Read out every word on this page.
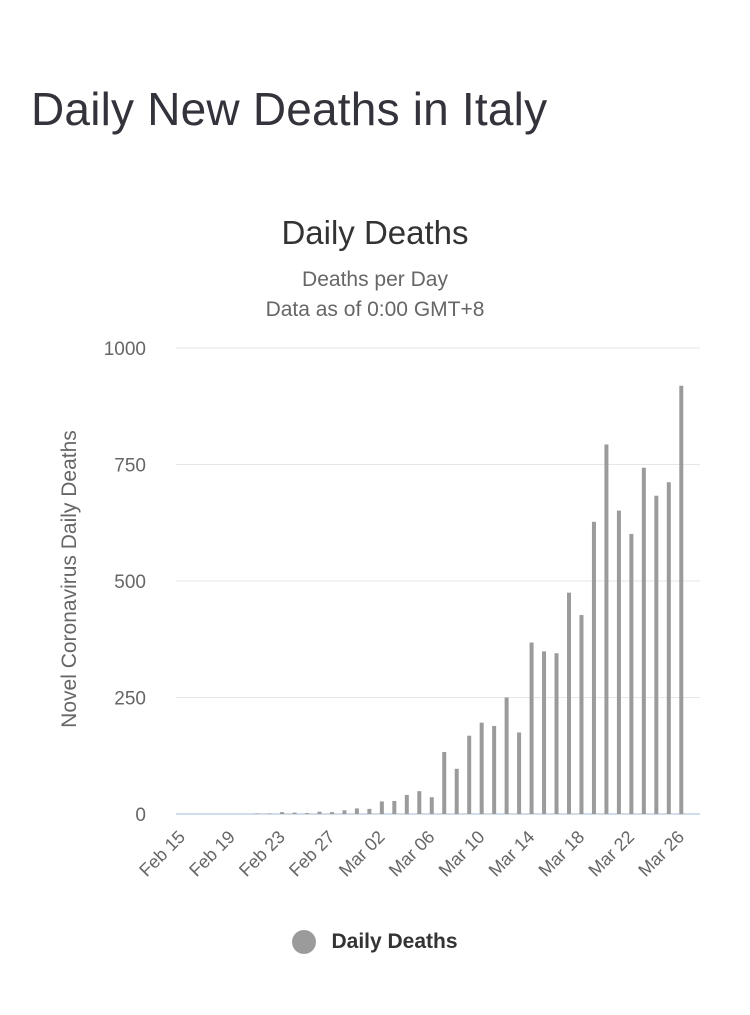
Daily New Deaths in Italy
Daily Deaths
Deaths per Day
Data as of 0:00 GMT+8
0
250
500
750
1000
Feb 15
Feb 19
Feb 23
Feb 27
Mar 02
Mar 06
Mar 10
Mar 14
Mar 18
Mar 22
Mar 26
Novel Coronavirus Daily Deaths
Daily Deaths
